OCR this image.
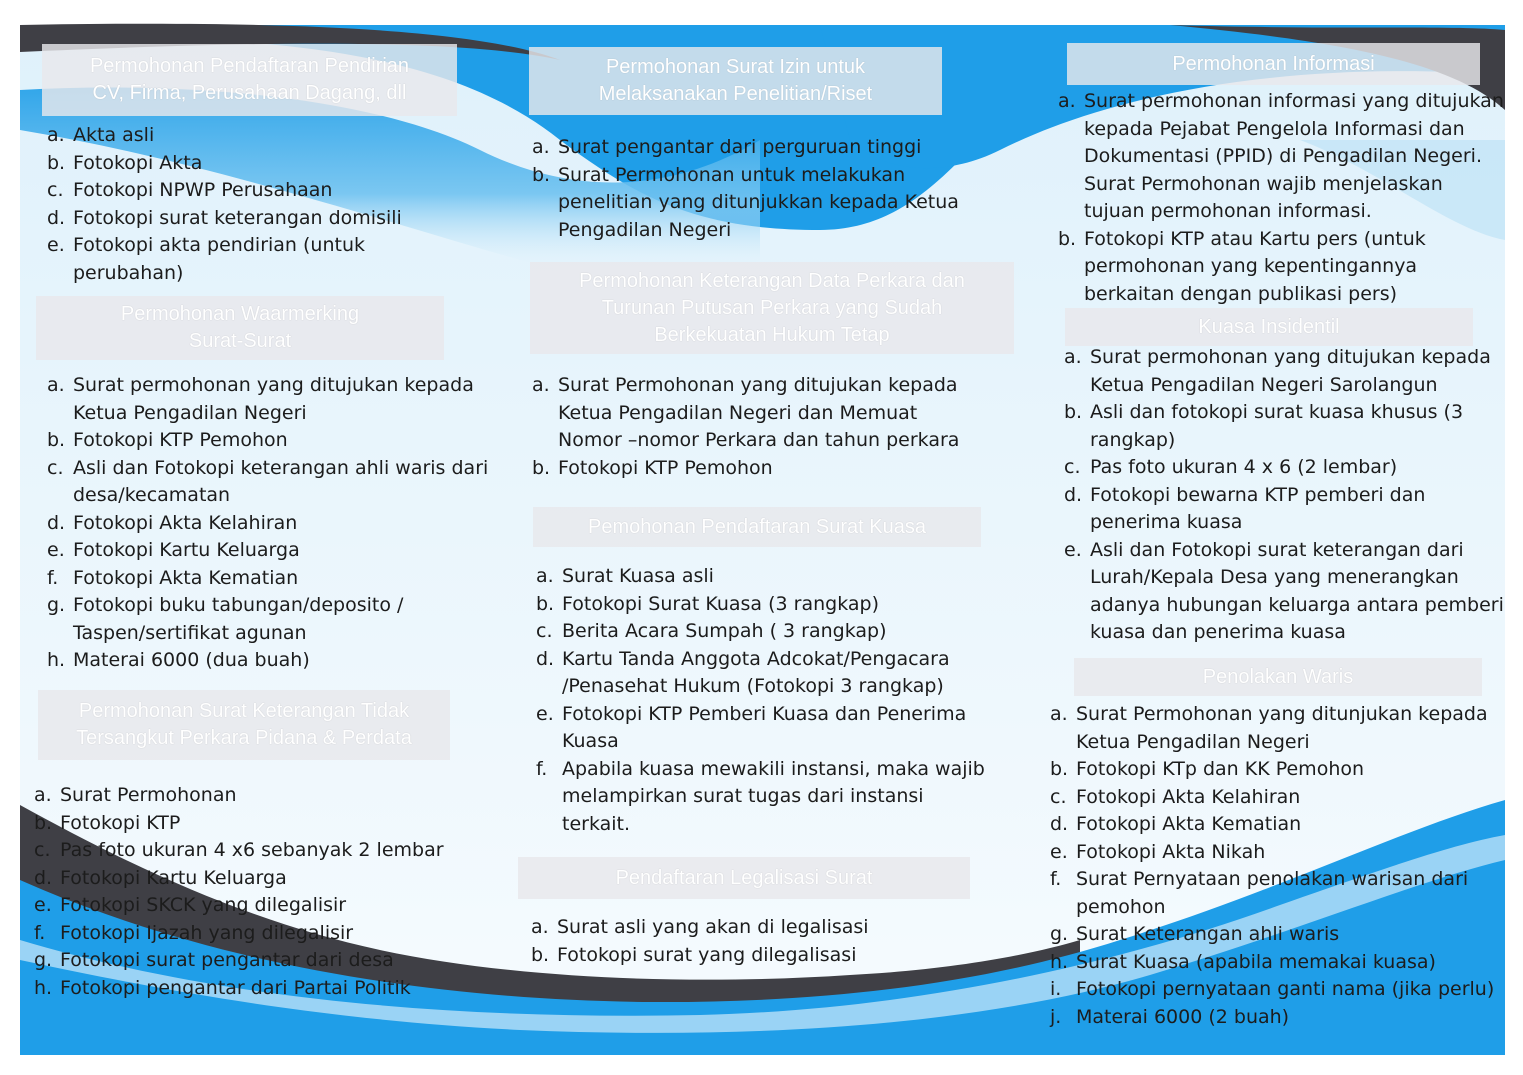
Permohonan Pendaftaran Pendirian
CV, Firma, Perusahaan Dagang, dll
a. Akta asli
b. Fotokopi Akta
c. Fotokopi NPWP Perusahaan
d. Fotokopi surat keterangan domisili
e. Fotokopi akta pendirian (untuk
perubahan)
Permohonan Waarmerking
Surat-Surat
a. Surat permohonan yang ditujukan kepada
Ketua Pengadilan Negeri
b. Fotokopi KTP Pemohon
c. Asli dan Fotokopi keterangan ahli waris dari
desa/kecamatan
d. Fotokopi Akta Kelahiran
e. Fotokopi Kartu Keluarga
f. Fotokopi Akta Kematian
g. Fotokopi buku tabungan/deposito /
Taspen/sertifikat agunan
h. Materai 6000 (dua buah)
Permohonan Surat Keterangan Tidak
Tersangkut Perkara Pidana & Perdata
a. Surat Permohonan
b. Fotokopi KTP
c. Pas foto ukuran 4 x6 sebanyak 2 lembar
d. Fotokopi Kartu Keluarga
e. Fotokopi SKCK yang dilegalisir
f. Fotokopi Ijazah yang dilegalisir
g. Fotokopi surat pengantar dari desa
h. Fotokopi pengantar dari Partai Politik
Permohonan Surat Izin untuk
Melaksanakan Penelitian/Riset
a. Surat pengantar dari perguruan tinggi
b. Surat Permohonan untuk melakukan
penelitian yang ditunjukkan kepada Ketua
Pengadilan Negeri
Permohonan Keterangan Data Perkara dan
Turunan Putusan Perkara yang Sudah
Berkekuatan Hukum Tetap
a. Surat Permohonan yang ditujukan kepada
Ketua Pengadilan Negeri dan Memuat
Nomor –nomor Perkara dan tahun perkara
b. Fotokopi KTP Pemohon
Pemohonan Pendaftaran Surat Kuasa
a. Surat Kuasa asli
b. Fotokopi Surat Kuasa (3 rangkap)
c. Berita Acara Sumpah ( 3 rangkap)
d. Kartu Tanda Anggota Adcokat/Pengacara
/Penasehat Hukum (Fotokopi 3 rangkap)
e. Fotokopi KTP Pemberi Kuasa dan Penerima
Kuasa
f. Apabila kuasa mewakili instansi, maka wajib
melampirkan surat tugas dari instansi
terkait.
Pendaftaran Legalisasi Surat
a. Surat asli yang akan di legalisasi
b. Fotokopi surat yang dilegalisasi
Permohonan Informasi
a. Surat permohonan informasi yang ditujukan
kepada Pejabat Pengelola Informasi dan
Dokumentasi (PPID) di Pengadilan Negeri.
Surat Permohonan wajib menjelaskan
tujuan permohonan informasi.
b. Fotokopi KTP atau Kartu pers (untuk
permohonan yang kepentingannya
berkaitan dengan publikasi pers)
Kuasa Insidentil
a. Surat permohonan yang ditujukan kepada
Ketua Pengadilan Negeri Sarolangun
b. Asli dan fotokopi surat kuasa khusus (3
rangkap)
c. Pas foto ukuran 4 x 6 (2 lembar)
d. Fotokopi bewarna KTP pemberi dan
penerima kuasa
e. Asli dan Fotokopi surat keterangan dari
Lurah/Kepala Desa yang menerangkan
adanya hubungan keluarga antara pemberi
kuasa dan penerima kuasa
Penolakan Waris
a. Surat Permohonan yang ditunjukan kepada
Ketua Pengadilan Negeri
b. Fotokopi KTp dan KK Pemohon
c. Fotokopi Akta Kelahiran
d. Fotokopi Akta Kematian
e. Fotokopi Akta Nikah
f. Surat Pernyataan penolakan warisan dari
pemohon
g. Surat Keterangan ahli waris
h. Surat Kuasa (apabila memakai kuasa)
i. Fotokopi pernyataan ganti nama (jika perlu)
j. Materai 6000 (2 buah)
